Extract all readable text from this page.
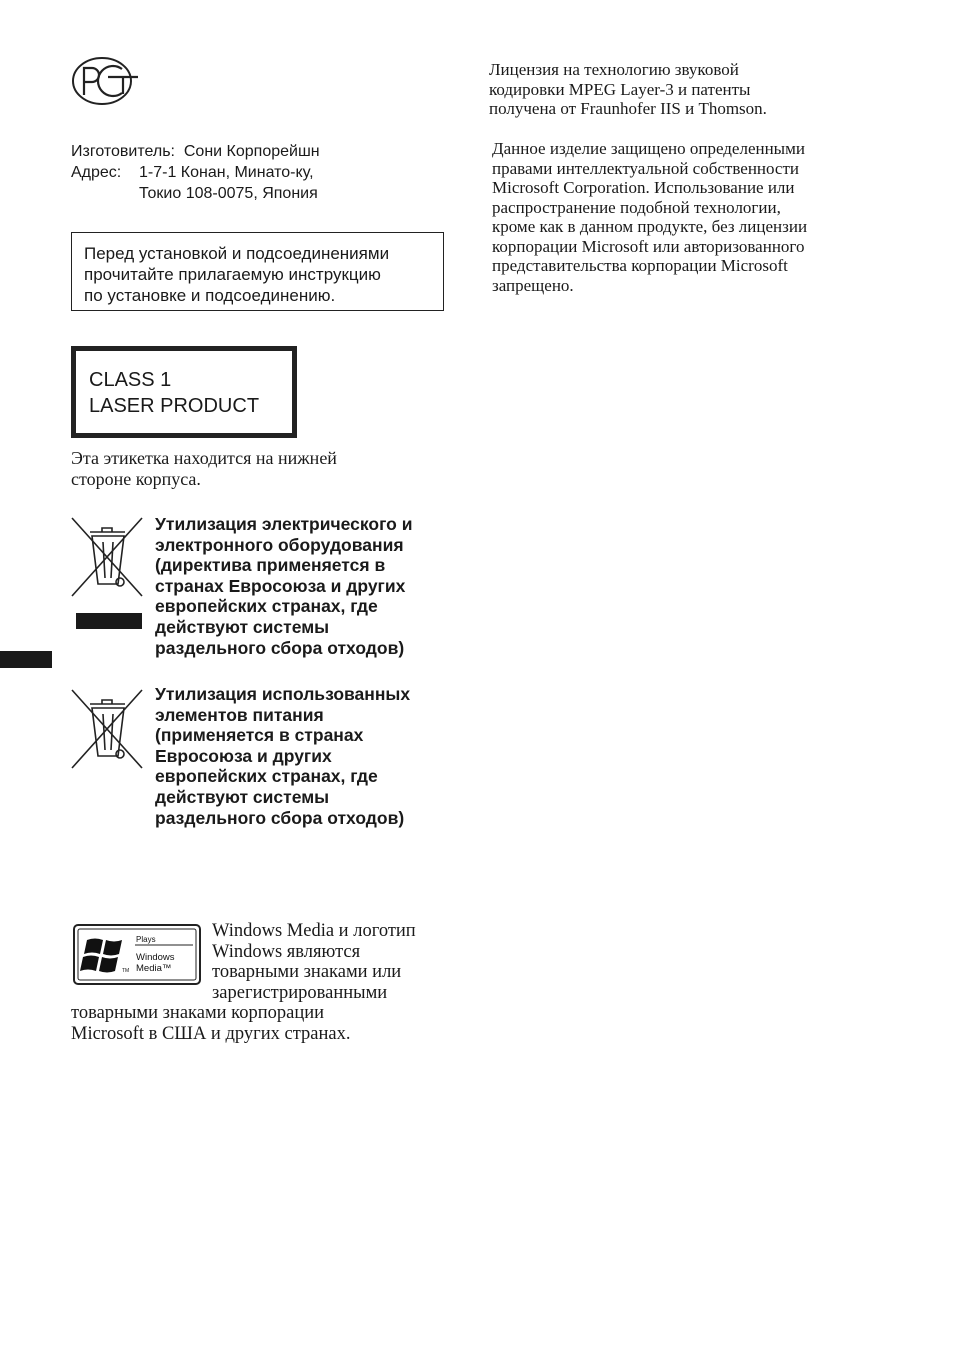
Изготовитель:
Сони Корпорейшн
Адрес:	1-7-1 Конан, Минато-ку,
Токио 108-0075, Япония
Перед установкой и подсоединениями
прочитайте прилагаемую инструкцию
по установке и подсоединению.
CLASS 1
LASER PRODUCT
Эта этикетка находится на нижней
стороне корпуса.
Утилизация электрического и
электронного оборудования
(директива применяется в
странах Евросоюза и других
европейских странах, где
действуют системы
раздельного сбора отходов)
Утилизация использованных
элементов питания
(применяется в странах
Евросоюза и других
европейских странах, где
действуют системы
раздельного сбора отходов)
Plays
Windows
Media™
TM
Windows Media и логотип
Windows являются
товарными знаками или
зарегистрированными
товарными знаками корпорации
Microsoft в США и других странах.
Лицензия на технологию звуковой
кодировки MPEG Layer-3 и патенты
получена от Fraunhofer IIS и Thomson.
Данное изделие защищено определенными
правами интеллектуальной собственности
Microsoft Corporation. Использование или
распространение подобной технологии,
кроме как в данном продукте, без лицензии
корпорации Microsoft или авторизованного
представительства корпорации Microsoft
запрещено.
